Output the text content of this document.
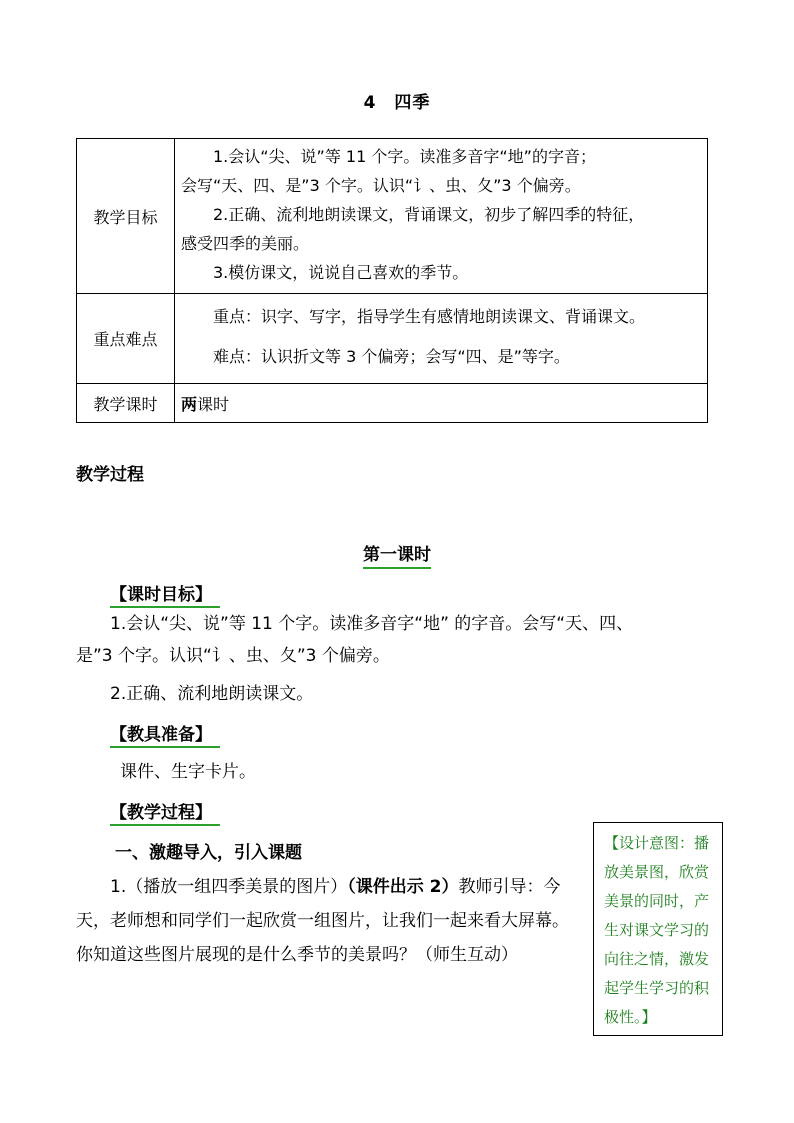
4　四季
教学目标	1.会认“尖、说”等 11 个字。读准多音字“地”的字音；

会写“天、四、是”3 个字。认识“讠、虫、夂”3 个偏旁。

2.正确、流利地朗读课文，背诵课文，初步了解四季的特征，

感受四季的美丽。

3.模仿课文，说说自己喜欢的季节。

重点难点	重点：识字、写字，指导学生有感情地朗读课文、背诵课文。

难点：认识折文等 3 个偏旁；会写“四、是”等字。

教学课时	两课时
教学过程
第一课时
【课时目标】

1.会认“尖、说”等 11 个字。读准多音字“地” 的字音。会写“天、四、

是”3 个字。认识“讠、虫、夂”3 个偏旁。

2.正确、流利地朗读课文。

【教具准备】
课件、生字卡片。
【教学过程】
一、激趣导入，引入课题

1.（播放一组四季美景的图片）（课件出示 2）教师引导：今天，老师想和同学们一起欣赏一组图片，让我们一起来看大屏幕。你知道这些图片展现的是什么季节的美景吗？（师生互动）

【设计意图：播放美景图，欣赏美景的同时，产生对课文学习的向往之情，激发起学生学习的积极性。】
